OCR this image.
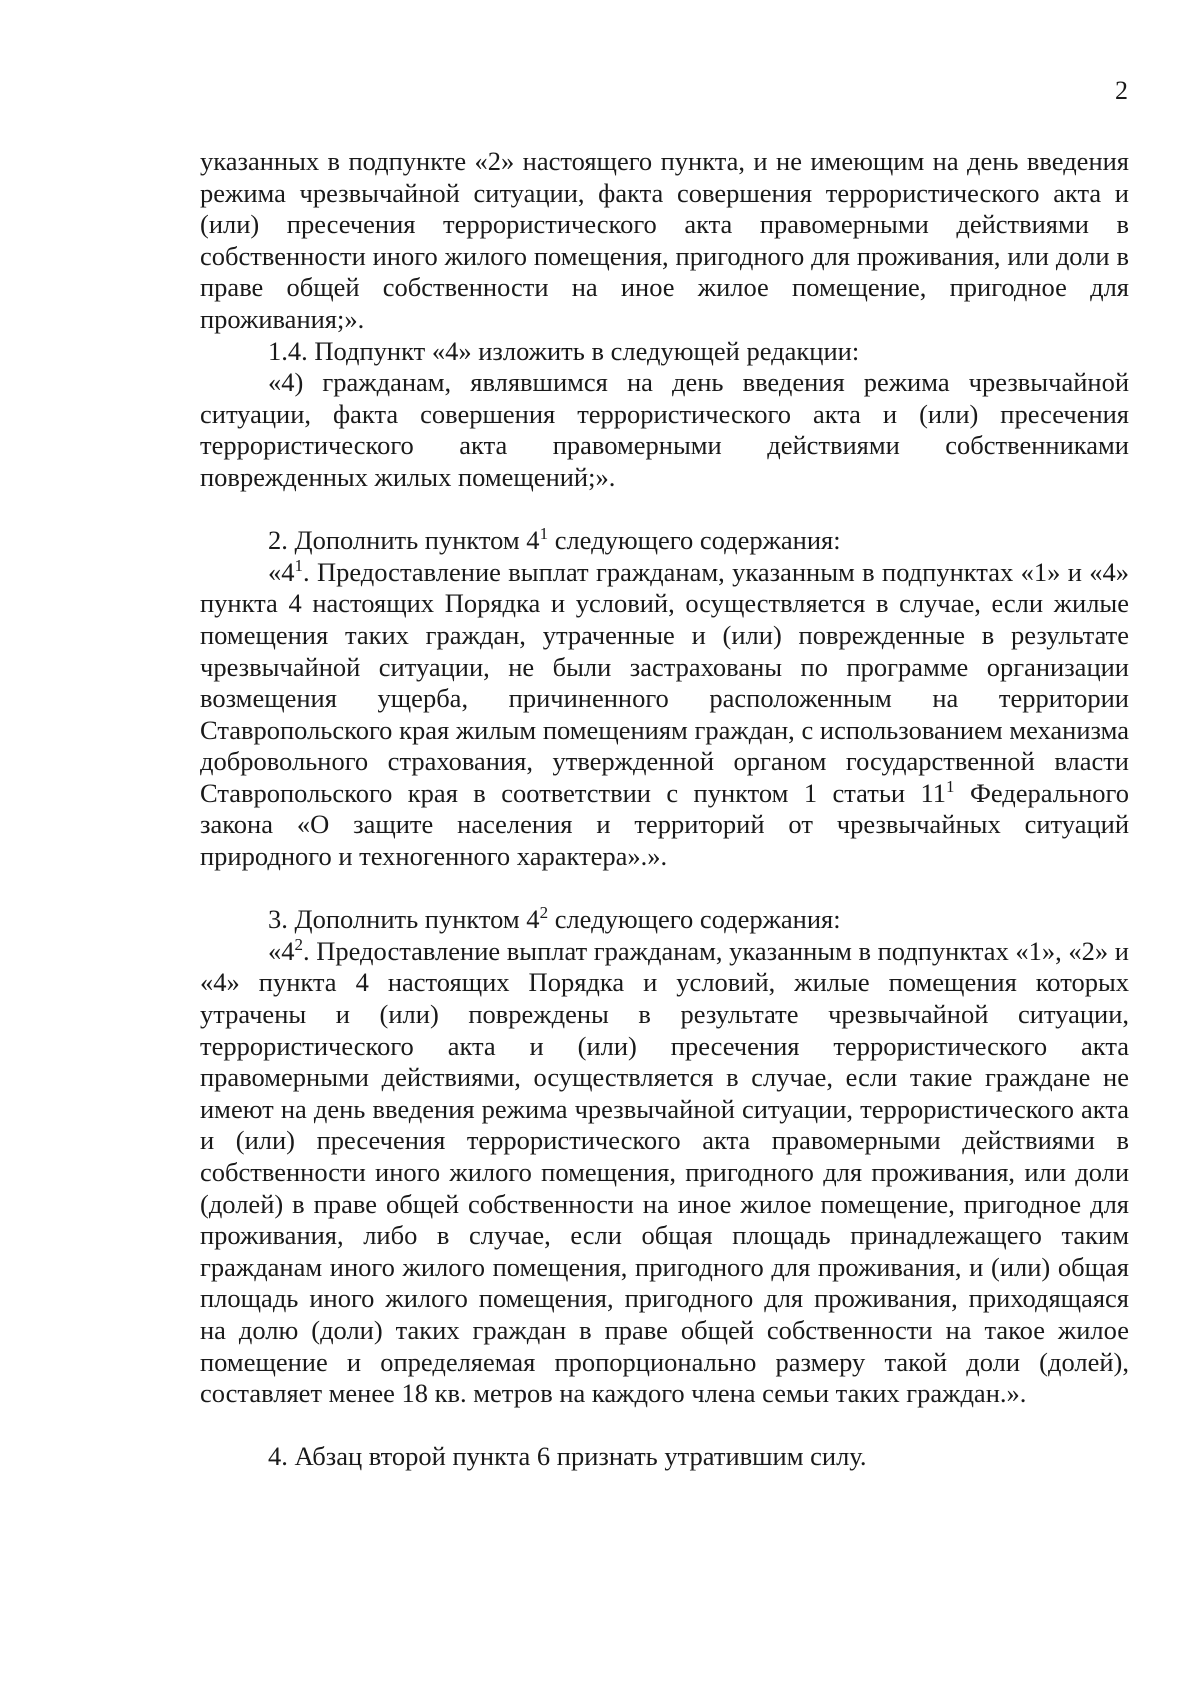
2

указанных в подпункте «2» настоящего пункта, и не имеющим на день введения режима чрезвычайной ситуации, факта совершения террористического акта и (или) пресечения террористического акта правомерными действиями в собственности иного жилого помещения, пригодного для проживания, или доли в праве общей собственности на иное жилое помещение, пригодное для проживания;».

1.4. Подпункт «4» изложить в следующей редакции:

«4) гражданам, являвшимся на день введения режима чрезвычайной ситуации, факта совершения террористического акта и (или) пресечения террористического акта правомерными действиями собственниками поврежденных жилых помещений;».

2. Дополнить пунктом $4^1$ следующего содержания:

«$4^1$. Предоставление выплат гражданам, указанным в подпунктах «1» и «4» пункта 4 настоящих Порядка и условий, осуществляется в случае, если жилые помещения таких граждан, утраченные и (или) поврежденные в результате чрезвычайной ситуации, не были застрахованы по программе организации возмещения ущерба, причиненного расположенным на территории Ставропольского края жилым помещениям граждан, с использованием механизма добровольного страхования, утвержденной органом государственной власти Ставропольского края в соответствии с пунктом 1 статьи $11^1$ Федерального закона «О защите населения и территорий от чрезвычайных ситуаций природного и техногенного характера».».

3. Дополнить пунктом $4^2$ следующего содержания:

«$4^2$. Предоставление выплат гражданам, указанным в подпунктах «1», «2» и «4» пункта 4 настоящих Порядка и условий, жилые помещения которых утрачены и (или) повреждены в результате чрезвычайной ситуации, террористического акта и (или) пресечения террористического акта правомерными действиями, осуществляется в случае, если такие граждане не имеют на день введения режима чрезвычайной ситуации, террористического акта и (или) пресечения террористического акта правомерными действиями в собственности иного жилого помещения, пригодного для проживания, или доли (долей) в праве общей собственности на иное жилое помещение, пригодное для проживания, либо в случае, если общая площадь принадлежащего таким гражданам иного жилого помещения, пригодного для проживания, и (или) общая площадь иного жилого помещения, пригодного для проживания, приходящаяся на долю (доли) таких граждан в праве общей собственности на такое жилое помещение и определяемая пропорционально размеру такой доли (долей), составляет менее 18 кв. метров на каждого члена семьи таких граждан.».

4. Абзац второй пункта 6 признать утратившим силу.
